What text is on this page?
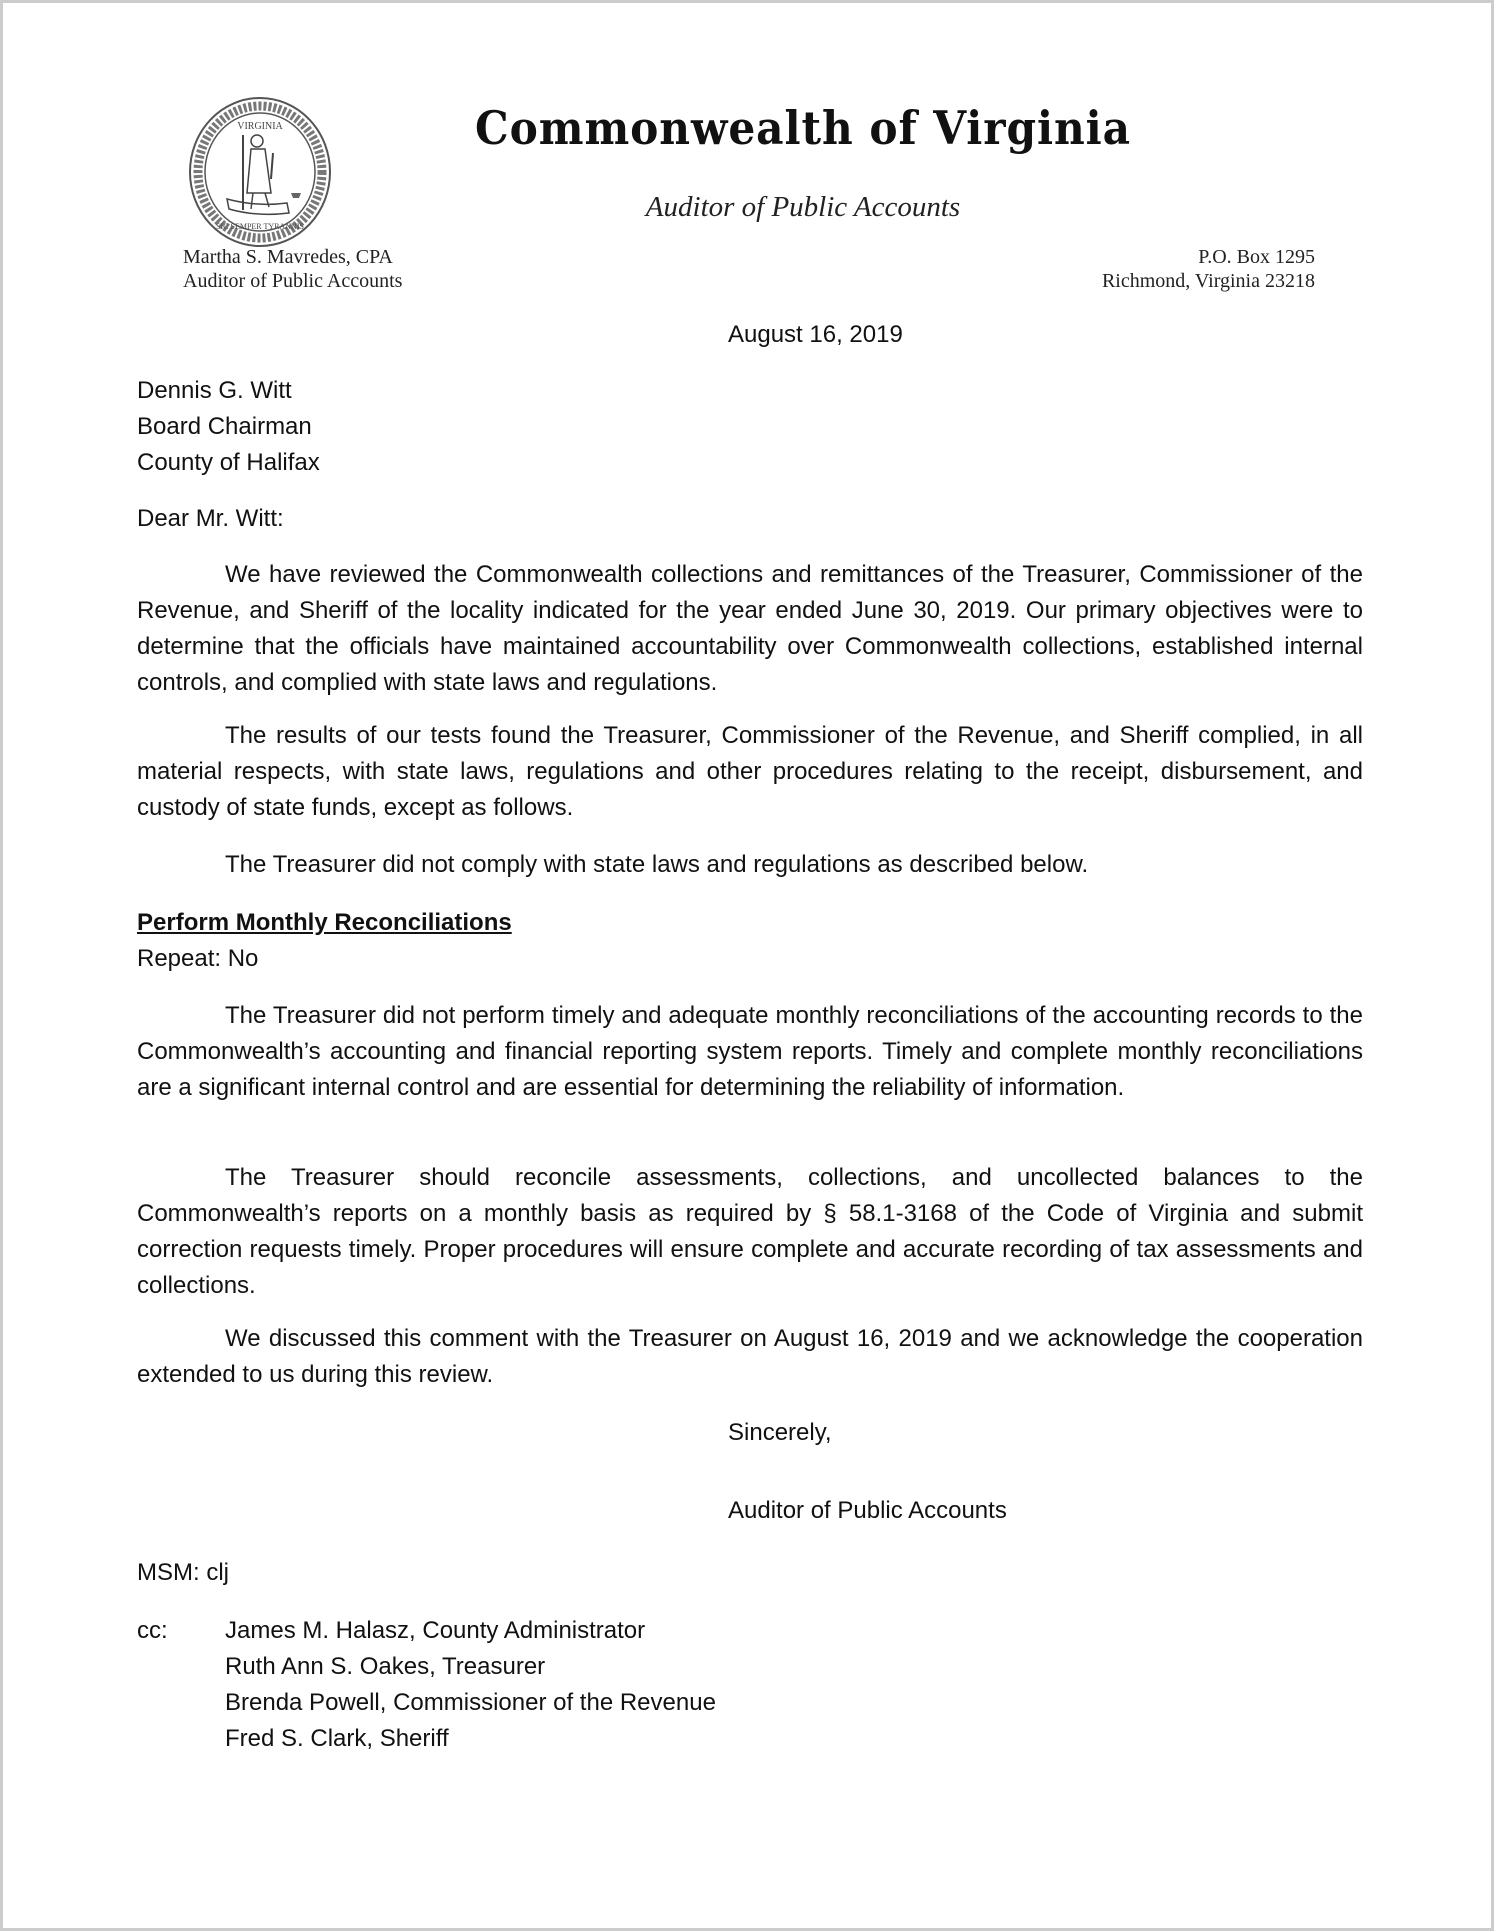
VIRGINIA
SIC SEMPER TYRANNIS
Commonwealth of Virginia
Auditor of Public Accounts
Martha S. Mavredes, CPA
Auditor of Public Accounts
P.O. Box 1295
Richmond, Virginia 23218
August 16, 2019
Dennis G. Witt
Board Chairman
County of Halifax
Dear Mr. Witt:
We have reviewed the Commonwealth collections and remittances of the Treasurer, Commissioner of the Revenue, and Sheriff of the locality indicated for the year ended June 30, 2019. Our primary objectives were to determine that the officials have maintained accountability over Commonwealth collections, established internal controls, and complied with state laws and regulations.
The results of our tests found the Treasurer, Commissioner of the Revenue, and Sheriff complied, in all material respects, with state laws, regulations and other procedures relating to the receipt, disbursement, and custody of state funds, except as follows.
The Treasurer did not comply with state laws and regulations as described below.
Perform Monthly Reconciliations
Repeat: No
The Treasurer did not perform timely and adequate monthly reconciliations of the accounting records to the Commonwealth’s accounting and financial reporting system reports. Timely and complete monthly reconciliations are a significant internal control and are essential for determining the reliability of information.
The Treasurer should reconcile assessments, collections, and uncollected balances to the Commonwealth’s reports on a monthly basis as required by § 58.1-3168 of the Code of Virginia and submit correction requests timely. Proper procedures will ensure complete and accurate recording of tax assessments and collections.
We discussed this comment with the Treasurer on August 16, 2019 and we acknowledge the cooperation extended to us during this review.
Sincerely,
Auditor of Public Accounts
MSM: clj
cc: James M. Halasz, County Administrator
Ruth Ann S. Oakes, Treasurer
Brenda Powell, Commissioner of the Revenue
Fred S. Clark, Sheriff
